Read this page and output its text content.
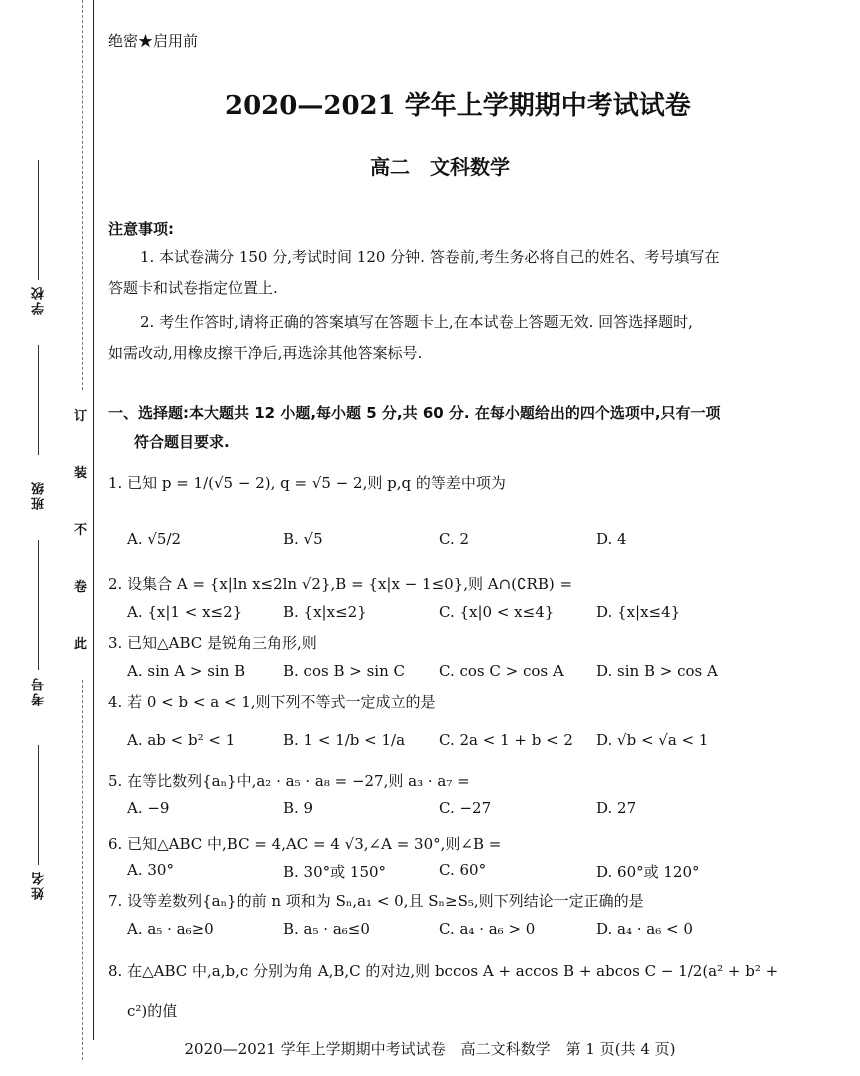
学校
班级
考号
姓名
订
装
不
卷
此
绝密★启用前
2020—2021 学年上学期期中考试试卷
高二　文科数学
注意事项:
1. 本试卷满分 150 分,考试时间 120 分钟. 答卷前,考生务必将自己的姓名、考号填写在
答题卡和试卷指定位置上.
2. 考生作答时,请将正确的答案填写在答题卡上,在本试卷上答题无效. 回答选择题时,
如需改动,用橡皮擦干净后,再选涂其他答案标号.
一、选择题:本大题共 12 小题,每小题 5 分,共 60 分. 在每小题给出的四个选项中,只有一项
符合题目要求.
1. 已知 p = 1/(√5 − 2), q = √5 − 2,则 p,q 的等差中项为
A. √5/2	B. √5	C. 2	D. 4
2. 设集合 A = {x|ln x≤2ln √2},B = {x|x − 1≤0},则 A∩(∁RB) =
A. {x|1 < x≤2}	B. {x|x≤2}	C. {x|0 < x≤4}	D. {x|x≤4}
3. 已知△ABC 是锐角三角形,则
A. sin A > sin B	B. cos B > sin C C. cos C > cos A D. sin B > cos A
4. 若 0 < b < a < 1,则下列不等式一定成立的是
A. ab < b² < 1	B. 1 < 1/b < 1/a C. 2a < 1 + b < 2 D. √b < √a < 1
5. 在等比数列{aₙ}中,a₂ · a₅ · a₈ = −27,则 a₃ · a₇ =
A. −9	B. 9	C. −27	D. 27
6. 已知△ABC 中,BC = 4,AC = 4 √3,∠A = 30°,则∠B =
A. 30°	B. 30°或 150°	C. 60°	D. 60°或 120°
7. 设等差数列{aₙ}的前 n 项和为 Sₙ,a₁ < 0,且 Sₙ≥S₅,则下列结论一定正确的是
A. a₅ · a₆≥0	B. a₅ · a₆≤0	C. a₄ · a₆ > 0	D. a₄ · a₆ < 0
8. 在△ABC 中,a,b,c 分别为角 A,B,C 的对边,则 bccos A + accos B + abcos C − 1/2(a² + b² +
c²)的值
2020—2021 学年上学期期中考试试卷　高二文科数学　第 1 页(共 4 页)
